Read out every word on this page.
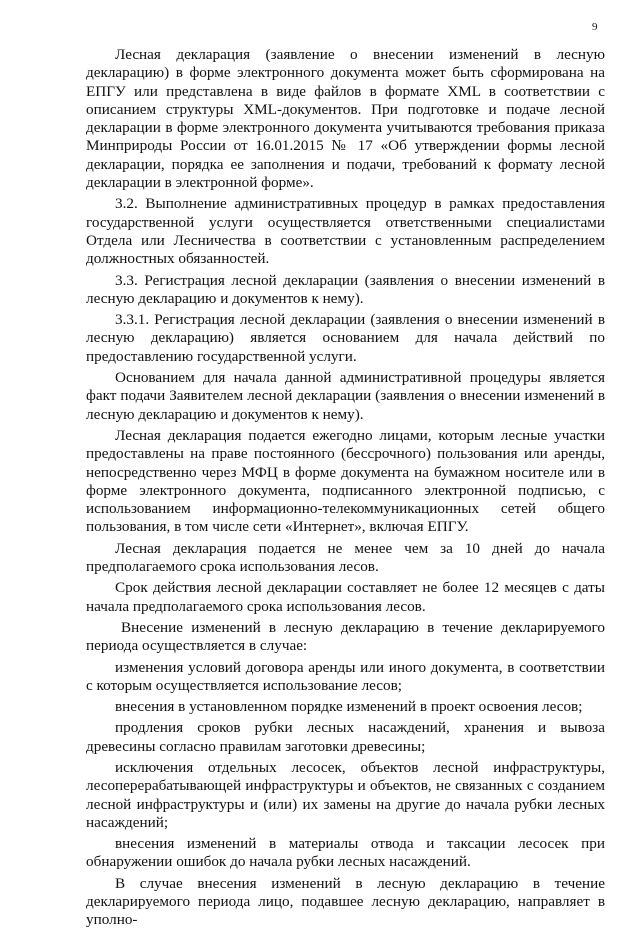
9

Лесная декларация (заявление о внесении изменений в лесную декларацию) в форме электронного документа может быть сформирована на ЕПГУ или представлена в виде файлов в формате XML в соответствии с описанием структуры XML-документов. При подготовке и подаче лесной декларации в форме электронного документа учитываются требования приказа Минприроды России от 16.01.2015 № 17 «Об утверждении формы лесной декларации, порядка ее заполнения и подачи, требований к формату лесной декларации в электронной форме».

3.2. Выполнение административных процедур в рамках предоставления государственной услуги осуществляется ответственными специалистами Отдела или Лесничества в соответствии с установленным распределением должностных обязанностей.

3.3. Регистрация лесной декларации (заявления о внесении изменений в лесную декларацию и документов к нему).

3.3.1. Регистрация лесной декларации (заявления о внесении изменений в лесную декларацию) является основанием для начала действий по предоставлению государственной услуги.

Основанием для начала данной административной процедуры является факт подачи Заявителем лесной декларации (заявления о внесении изменений в лесную декларацию и документов к нему).

Лесная декларация подается ежегодно лицами, которым лесные участки предоставлены на праве постоянного (бессрочного) пользования или аренды, непосредственно через МФЦ в форме документа на бумажном носителе или в форме электронного документа, подписанного электронной подписью, с использованием информационно-телекоммуникационных сетей общего пользования, в том числе сети «Интернет», включая ЕПГУ.

Лесная декларация подается не менее чем за 10 дней до начала предполагаемого срока использования лесов.

Срок действия лесной декларации составляет не более 12 месяцев с даты начала предполагаемого срока использования лесов.

Внесение изменений в лесную декларацию в течение декларируемого периода осуществляется в случае:

изменения условий договора аренды или иного документа, в соответствии с которым осуществляется использование лесов;

внесения в установленном порядке изменений в проект освоения лесов;

продления сроков рубки лесных насаждений, хранения и вывоза древесины согласно правилам заготовки древесины;

исключения отдельных лесосек, объектов лесной инфраструктуры, лесоперерабатывающей инфраструктуры и объектов, не связанных с созданием лесной инфраструктуры и (или) их замены на другие до начала рубки лесных насаждений;

внесения изменений в материалы отвода и таксации лесосек при обнаружении ошибок до начала рубки лесных насаждений.

В случае внесения изменений в лесную декларацию в течение декларируемого периода лицо, подавшее лесную декларацию, направляет в уполно-
